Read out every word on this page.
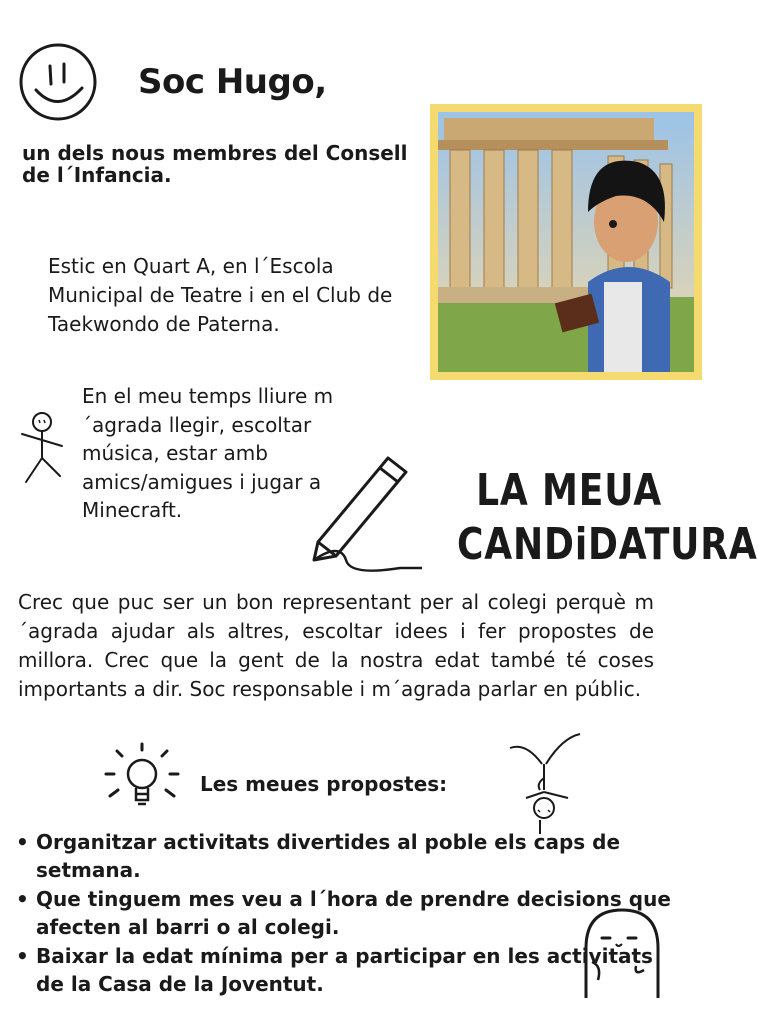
Soc Hugo,
un dels nous membres del Consell de l´Infancia.
Estic en Quart A, en l´Escola Municipal de Teatre i en el Club de Taekwondo de Paterna.
En el meu temps lliure m´agrada llegir, escoltar música, estar amb amics/amigues i jugar a Minecraft.	LA MEUA
CANDiDATURA
Crec que puc ser un bon representant per al colegi perquè m´agrada ajudar als altres, escoltar idees i fer propostes de millora. Crec que la gent de la nostra edat també té coses importants a dir. Soc responsable i m´agrada parlar en públic.
Les meues propostes:
• Organitzar activitats divertides al poble els caps de setmana.
• Que tinguem mes veu a l´hora de prendre decisions que afecten al barri o al colegi.
• Baixar la edat mínima per a participar en les activitats de la Casa de la Joventut.
